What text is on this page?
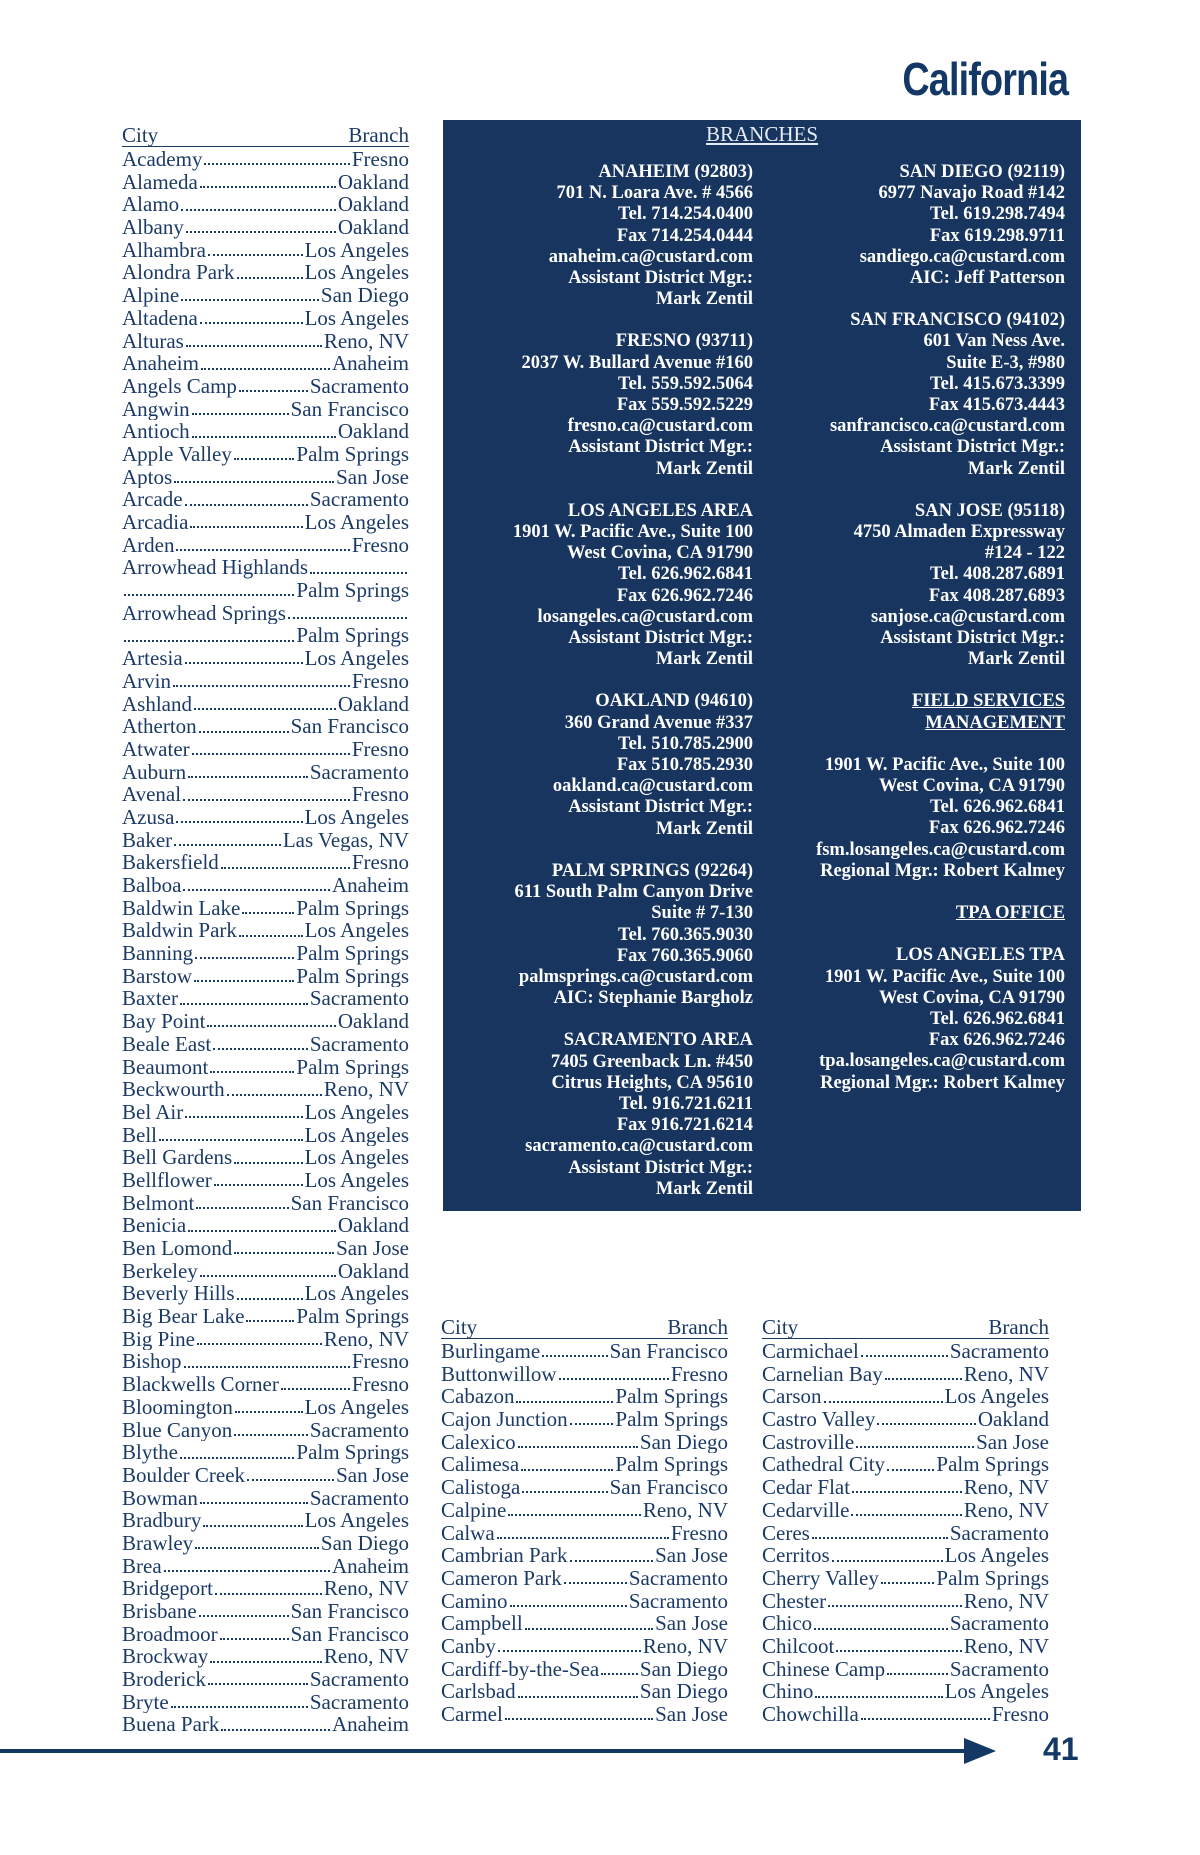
California
City	Branch
Academy	Fresno
Alameda	Oakland
Alamo	Oakland
Albany	Oakland
Alhambra	Los Angeles
Alondra Park	Los Angeles
Alpine	San Diego
Altadena	Los Angeles
Alturas	Reno, NV
Anaheim	Anaheim
Angels Camp	Sacramento
Angwin	San Francisco
Antioch	Oakland
Apple Valley	Palm Springs
Aptos	San Jose
Arcade	Sacramento
Arcadia	Los Angeles
Arden	Fresno
Arrowhead Highlands
Palm Springs
Arrowhead Springs
Palm Springs
Artesia	Los Angeles
Arvin	Fresno
Ashland	Oakland
Atherton	San Francisco
Atwater	Fresno
Auburn	Sacramento
Avenal	Fresno
Azusa	Los Angeles
Baker	Las Vegas, NV
Bakersfield	Fresno
Balboa	Anaheim
Baldwin Lake	Palm Springs
Baldwin Park	Los Angeles
Banning	Palm Springs
Barstow	Palm Springs
Baxter	Sacramento
Bay Point	Oakland
Beale East	Sacramento
Beaumont	Palm Springs
Beckwourth	Reno, NV
Bel Air	Los Angeles
Bell	Los Angeles
Bell Gardens	Los Angeles
Bellflower	Los Angeles
Belmont	San Francisco
Benicia	Oakland
Ben Lomond	San Jose
Berkeley	Oakland
Beverly Hills	Los Angeles
Big Bear Lake Palm Springs
Big Pine	Reno, NV
Bishop	Fresno
Blackwells Corner	Fresno
Bloomington	Los Angeles
Blue Canyon	Sacramento
Blythe	Palm Springs
Boulder Creek	San Jose
Bowman	Sacramento
Bradbury	Los Angeles
Brawley	San Diego
Brea	Anaheim
Bridgeport	Reno, NV
Brisbane	San Francisco
Broadmoor	San Francisco
Brockway	Reno, NV
Broderick	Sacramento
Bryte	Sacramento
Buena Park	Anaheim
BRANCHES
ANAHEIM (92803)
701 N. Loara Ave. # 4566
Tel. 714.254.0400
Fax 714.254.0444
anaheim.ca@custard.com
Assistant District Mgr.:
Mark Zentil
FRESNO (93711)
2037 W. Bullard Avenue #160
Tel. 559.592.5064
Fax 559.592.5229
fresno.ca@custard.com
Assistant District Mgr.:
Mark Zentil
LOS ANGELES AREA
1901 W. Pacific Ave., Suite 100
West Covina, CA 91790
Tel. 626.962.6841
Fax 626.962.7246
losangeles.ca@custard.com
Assistant District Mgr.:
Mark Zentil
OAKLAND (94610)
360 Grand Avenue #337
Tel. 510.785.2900
Fax 510.785.2930
oakland.ca@custard.com
Assistant District Mgr.:
Mark Zentil
PALM SPRINGS (92264)
611 South Palm Canyon Drive
Suite # 7-130
Tel. 760.365.9030
Fax 760.365.9060
palmsprings.ca@custard.com
AIC: Stephanie Bargholz
SACRAMENTO AREA
7405 Greenback Ln. #450
Citrus Heights, CA 95610
Tel. 916.721.6211
Fax 916.721.6214
sacramento.ca@custard.com
Assistant District Mgr.:
Mark Zentil
SAN DIEGO (92119)
6977 Navajo Road #142
Tel. 619.298.7494
Fax 619.298.9711
sandiego.ca@custard.com
AIC: Jeff Patterson
SAN FRANCISCO (94102)
601 Van Ness Ave.
Suite E-3, #980
Tel. 415.673.3399
Fax 415.673.4443
sanfrancisco.ca@custard.com
Assistant District Mgr.:
Mark Zentil
SAN JOSE (95118)
4750 Almaden Expressway
#124 - 122
Tel. 408.287.6891
Fax 408.287.6893
sanjose.ca@custard.com
Assistant District Mgr.:
Mark Zentil
FIELD SERVICES
MANAGEMENT
1901 W. Pacific Ave., Suite 100
West Covina, CA 91790
Tel. 626.962.6841
Fax 626.962.7246
fsm.losangeles.ca@custard.com
Regional Mgr.: Robert Kalmey
TPA OFFICE
LOS ANGELES TPA
1901 W. Pacific Ave., Suite 100
West Covina, CA 91790
Tel. 626.962.6841
Fax 626.962.7246
tpa.losangeles.ca@custard.com
Regional Mgr.: Robert Kalmey
City	Branch
Burlingame	San Francisco
Buttonwillow	Fresno
Cabazon	Palm Springs
Cajon Junction Palm Springs
Calexico	San Diego
Calimesa	Palm Springs
Calistoga	San Francisco
Calpine	Reno, NV
Calwa	Fresno
Cambrian Park	San Jose
Cameron Park	Sacramento
Camino	Sacramento
Campbell	San Jose
Canby	Reno, NV
Cardiff-by-the-Sea San Diego
Carlsbad	San Diego
Carmel	San Jose
City	Branch
Carmichael	Sacramento
Carnelian Bay	Reno, NV
Carson	Los Angeles
Castro Valley	Oakland
Castroville	San Jose
Cathedral City Palm Springs
Cedar Flat	Reno, NV
Cedarville	Reno, NV
Ceres	Sacramento
Cerritos	Los Angeles
Cherry Valley	Palm Springs
Chester	Reno, NV
Chico	Sacramento
Chilcoot	Reno, NV
Chinese Camp	Sacramento
Chino	Los Angeles
Chowchilla	Fresno
41
